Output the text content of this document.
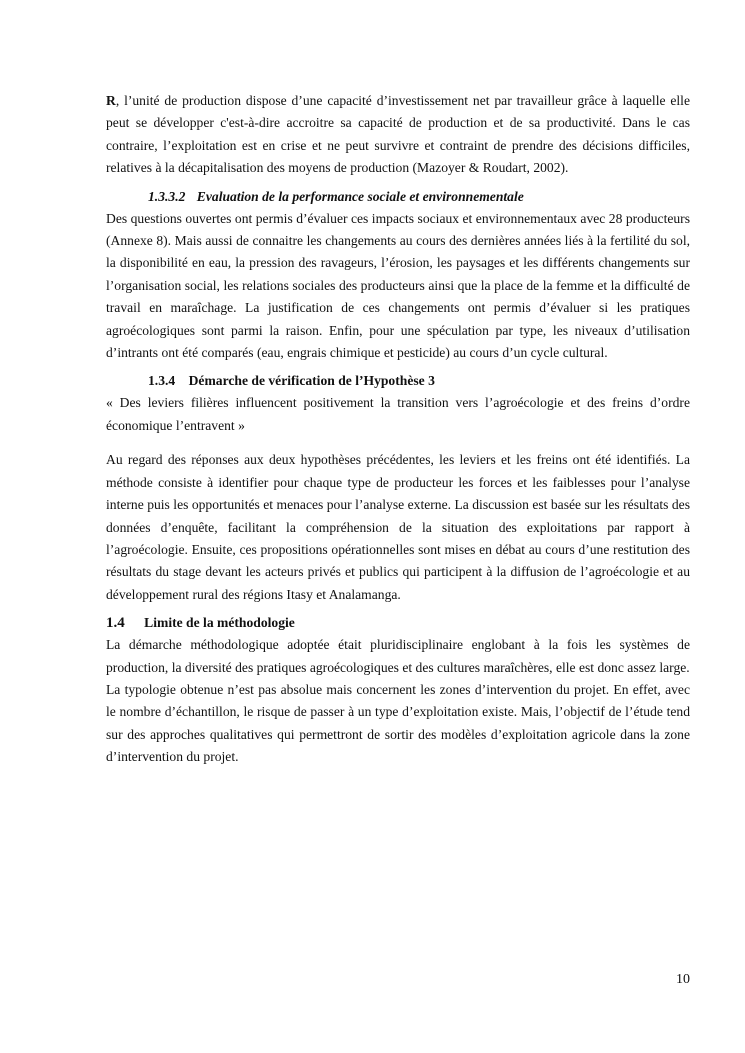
R, l’unité de production dispose d’une capacité d’investissement net par travailleur grâce à laquelle elle peut se développer c'est-à-dire accroitre sa capacité de production et de sa productivité. Dans le cas contraire, l’exploitation est en crise et ne peut survivre et contraint de prendre des décisions difficiles, relatives à la décapitalisation des moyens de production (Mazoyer & Roudart, 2002).

1.3.3.2 Evaluation de la performance sociale et environnementale

Des questions ouvertes ont permis d’évaluer ces impacts sociaux et environnementaux avec 28 producteurs (Annexe 8). Mais aussi de connaitre les changements au cours des dernières années liés à la fertilité du sol, la disponibilité en eau, la pression des ravageurs, l’érosion, les paysages et les différents changements sur l’organisation social, les relations sociales des producteurs ainsi que la place de la femme et la difficulté de travail en maraîchage. La justification de ces changements ont permis d’évaluer si les pratiques agroécologiques sont parmi la raison. Enfin, pour une spéculation par type, les niveaux d’utilisation d’intrants ont été comparés (eau, engrais chimique et pesticide) au cours d’un cycle cultural.

1.3.4 Démarche de vérification de l’Hypothèse 3

« Des leviers filières influencent positivement la transition vers l’agroécologie et des freins d’ordre économique l’entravent »

Au regard des réponses aux deux hypothèses précédentes, les leviers et les freins ont été identifiés. La méthode consiste à identifier pour chaque type de producteur les forces et les faiblesses pour l’analyse interne puis les opportunités et menaces pour l’analyse externe. La discussion est basée sur les résultats des données d’enquête, facilitant la compréhension de la situation des exploitations par rapport à l’agroécologie. Ensuite, ces propositions opérationnelles sont mises en débat au cours d’une restitution des résultats du stage devant les acteurs privés et publics qui participent à la diffusion de l’agroécologie et au développement rural des régions Itasy et Analamanga.

1.4 Limite de la méthodologie

La démarche méthodologique adoptée était pluridisciplinaire englobant à la fois les systèmes de production, la diversité des pratiques agroécologiques et des cultures maraîchères, elle est donc assez large.

La typologie obtenue n’est pas absolue mais concernent les zones d’intervention du projet. En effet, avec le nombre d’échantillon, le risque de passer à un type d’exploitation existe. Mais, l’objectif de l’étude tend sur des approches qualitatives qui permettront de sortir des modèles d’exploitation agricole dans la zone d’intervention du projet.

10
